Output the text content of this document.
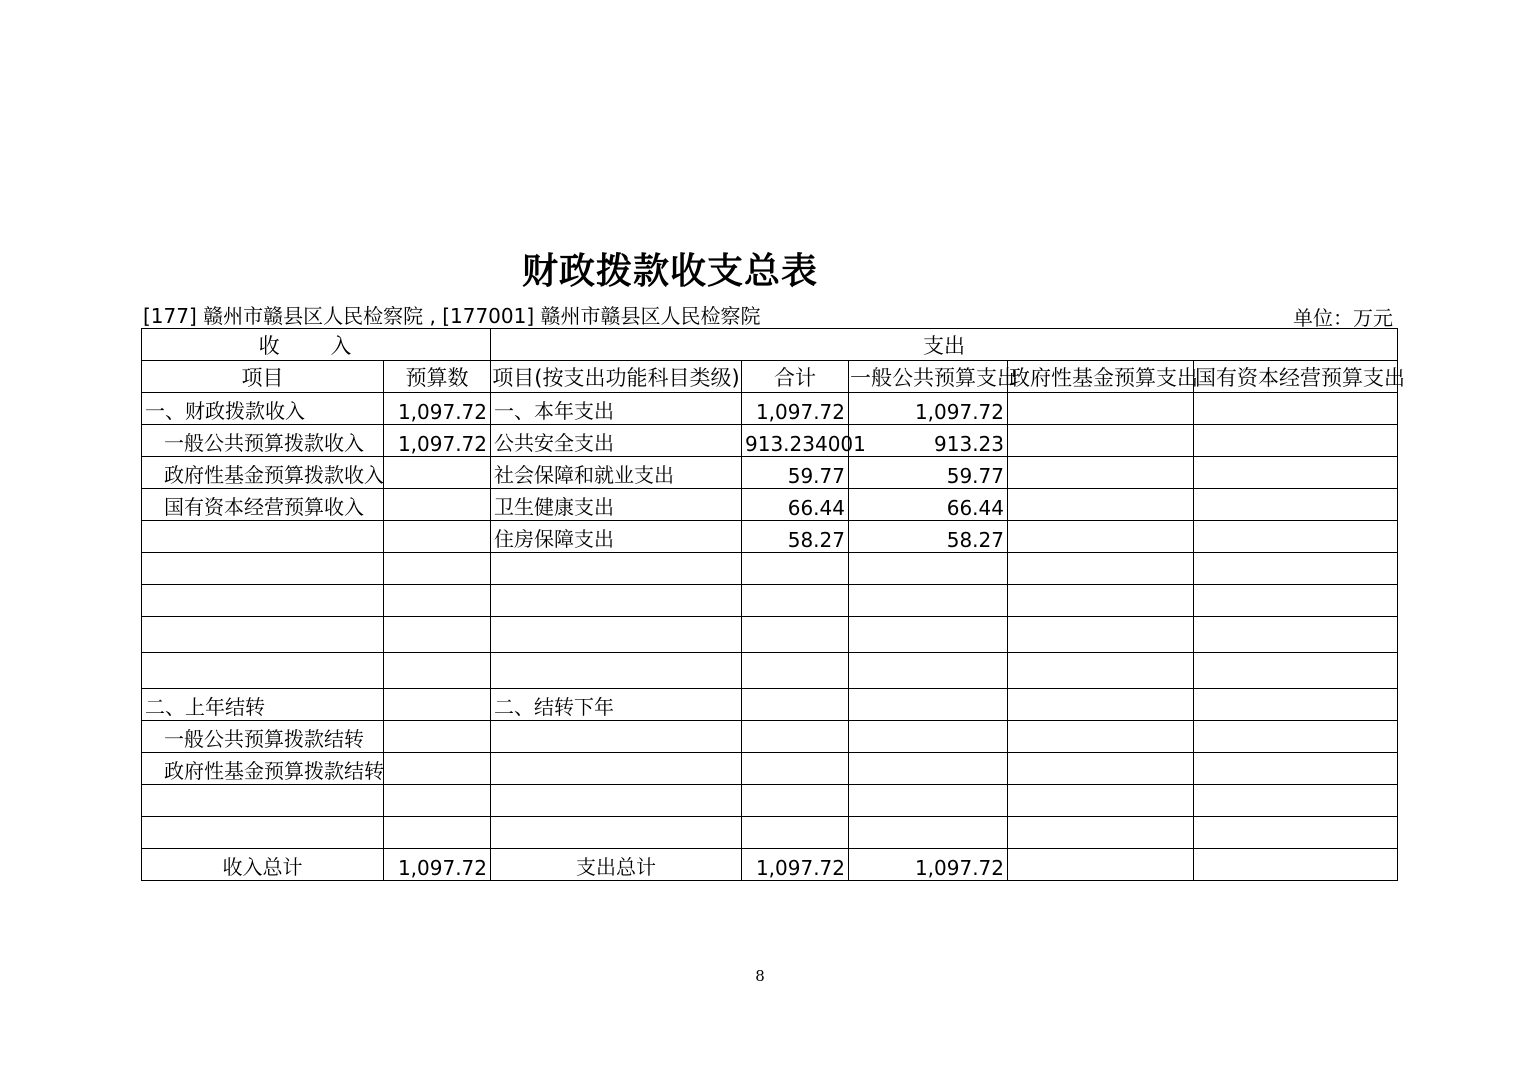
财政拨款收支总表
[177] 赣州市赣县区人民检察院 , [177001] 赣州市赣县区人民检察院	单位：万元
收 入		支出				
项目	预算数	项目(按支出功能科目类级)	合计	一般公共预算支出	政府性基金预算支出	国有资本经营预算支出
一、财政拨款收入	1,097.72	一、本年支出	1,097.72	1,097.72		
一般公共预算拨款收入	1,097.72	公共安全支出	913.234001	913.23		
政府性基金预算拨款收入		社会保障和就业支出	59.77	59.77		
国有资本经营预算收入		卫生健康支出	66.44	66.44		
		住房保障支出	58.27	58.27		

二、上年结转		二、结转下年				
一般公共预算拨款结转						
政府性基金预算拨款结转						

收入总计	1,097.72	支出总计	1,097.72	1,097.72		
8
